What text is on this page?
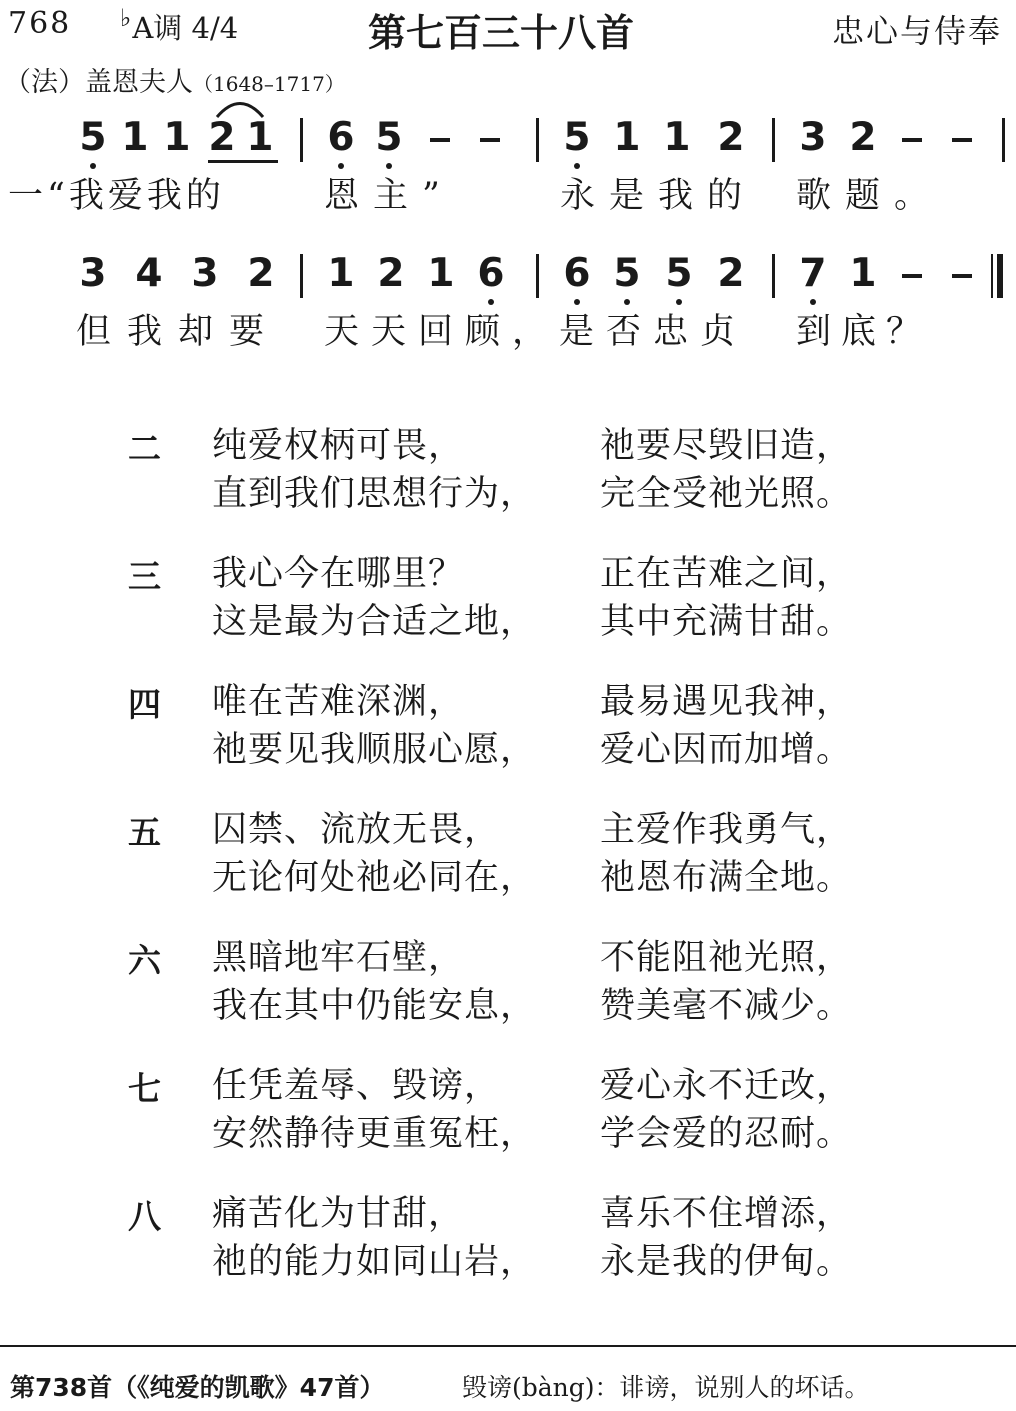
768 ♭A调 4/4	第七百三十八首	忠心与侍奉
（法）盖恩夫人（1648–1717）
5 1 1 2 1 6 5	5 1 1 2 3 2
一“我爱我的	恩主”	永是我的 歌题。
3 4 3 2 1 2 1 6 6 5 5 2 7 1
但我却要 天天回顾，是否忠贞 到底？
二 纯爱权柄可畏，	祂要尽毁旧造，
直到我们思想行为， 完全受祂光照。
三 我心今在哪里？	正在苦难之间，
这是最为合适之地， 其中充满甘甜。
四 唯在苦难深渊，	最易遇见我神，
祂要见我顺服心愿， 爱心因而加增。
五 囚禁、流放无畏，	主爱作我勇气，
无论何处祂必同在， 祂恩布满全地。
六 黑暗地牢石壁，	不能阻祂光照，
我在其中仍能安息， 赞美毫不减少。
七 任凭羞辱、毁谤，	爱心永不迁改，
安然静待更重冤枉， 学会爱的忍耐。
八 痛苦化为甘甜，	喜乐不住增添，
祂的能力如同山岩， 永是我的伊甸。
第738首（《纯爱的凯歌》47首）	毁谤(bàng)：诽谤，说别人的坏话。
